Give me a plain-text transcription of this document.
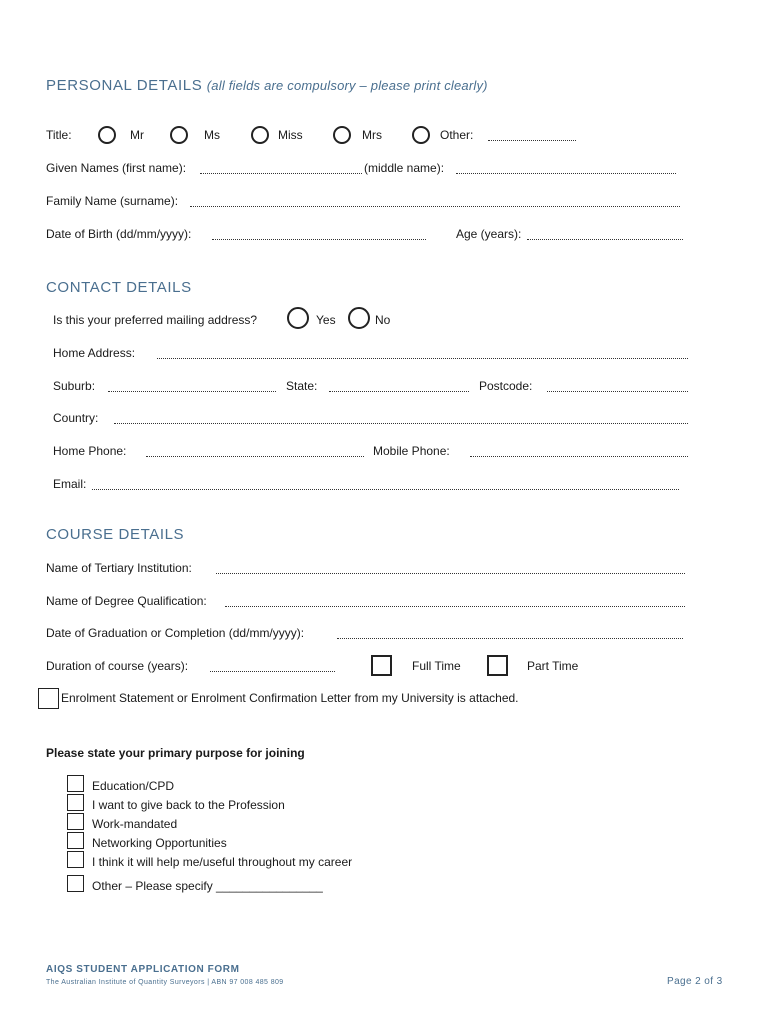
PERSONAL DETAILS (all fields are compulsory – please print clearly)
Title:	Mr	Ms	Miss	Mrs	Other:
Given Names (first name):	(middle name):
Family Name (surname):
Date of Birth (dd/mm/yyyy):	Age (years):
CONTACT DETAILS
Is this your preferred mailing address?	Yes	No
Home Address:
Suburb:	State:	Postcode:
Country:
Home Phone:	Mobile Phone:
Email:
COURSE DETAILS
Name of Tertiary Institution:
Name of Degree Qualification:
Date of Graduation or Completion (dd/mm/yyyy):
Duration of course (years):	Full Time	Part Time
Enrolment Statement or Enrolment Confirmation Letter from my University is attached.
Please state your primary purpose for joining
Education/CPD
I want to give back to the Profession
Work-mandated
Networking Opportunities
I think it will help me/useful throughout my career
Other – Please specify ________________
AIQS STUDENT APPLICATION FORM
The Australian Institute of Quantity Surveyors | ABN 97 008 485 809	Page 2 of 3
